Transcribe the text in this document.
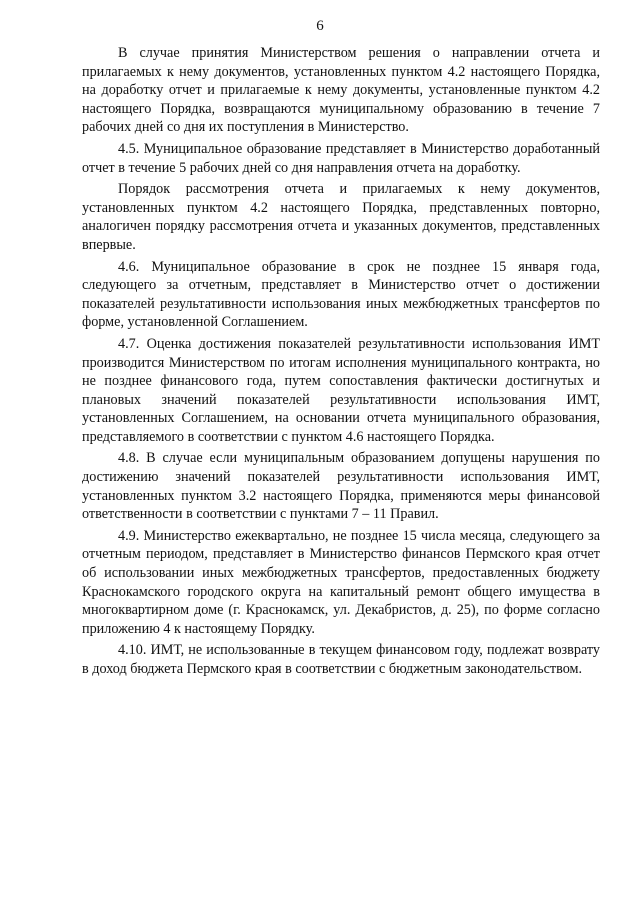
6

В случае принятия Министерством решения о направлении отчета и прилагаемых к нему документов, установленных пунктом 4.2 настоящего Порядка, на доработку отчет и прилагаемые к нему документы, установленные пунктом 4.2 настоящего Порядка, возвращаются муниципальному образованию в течение 7 рабочих дней со дня их поступления в Министерство.

4.5. Муниципальное образование представляет в Министерство доработанный отчет в течение 5 рабочих дней со дня направления отчета на доработку.

Порядок рассмотрения отчета и прилагаемых к нему документов, установленных пунктом 4.2 настоящего Порядка, представленных повторно, аналогичен порядку рассмотрения отчета и указанных документов, представленных впервые.

4.6. Муниципальное образование в срок не позднее 15 января года, следующего за отчетным, представляет в Министерство отчет о достижении показателей результативности использования иных межбюджетных трансфертов по форме, установленной Соглашением.

4.7. Оценка достижения показателей результативности использования ИМТ производится Министерством по итогам исполнения муниципального контракта, но не позднее финансового года, путем сопоставления фактически достигнутых и плановых значений показателей результативности использования ИМТ, установленных Соглашением, на основании отчета муниципального образования, представляемого в соответствии с пунктом 4.6 настоящего Порядка.

4.8. В случае если муниципальным образованием допущены нарушения по достижению значений показателей результативности использования ИМТ, установленных пунктом 3.2 настоящего Порядка, применяются меры финансовой ответственности в соответствии с пунктами 7 – 11 Правил.

4.9. Министерство ежеквартально, не позднее 15 числа месяца, следующего за отчетным периодом, представляет в Министерство финансов Пермского края отчет об использовании иных межбюджетных трансфертов, предоставленных бюджету Краснокамского городского округа на капитальный ремонт общего имущества в многоквартирном доме (г. Краснокамск, ул. Декабристов, д. 25), по форме согласно приложению 4 к настоящему Порядку.

4.10. ИМТ, не использованные в текущем финансовом году, подлежат возврату в доход бюджета Пермского края в соответствии с бюджетным законодательством.
